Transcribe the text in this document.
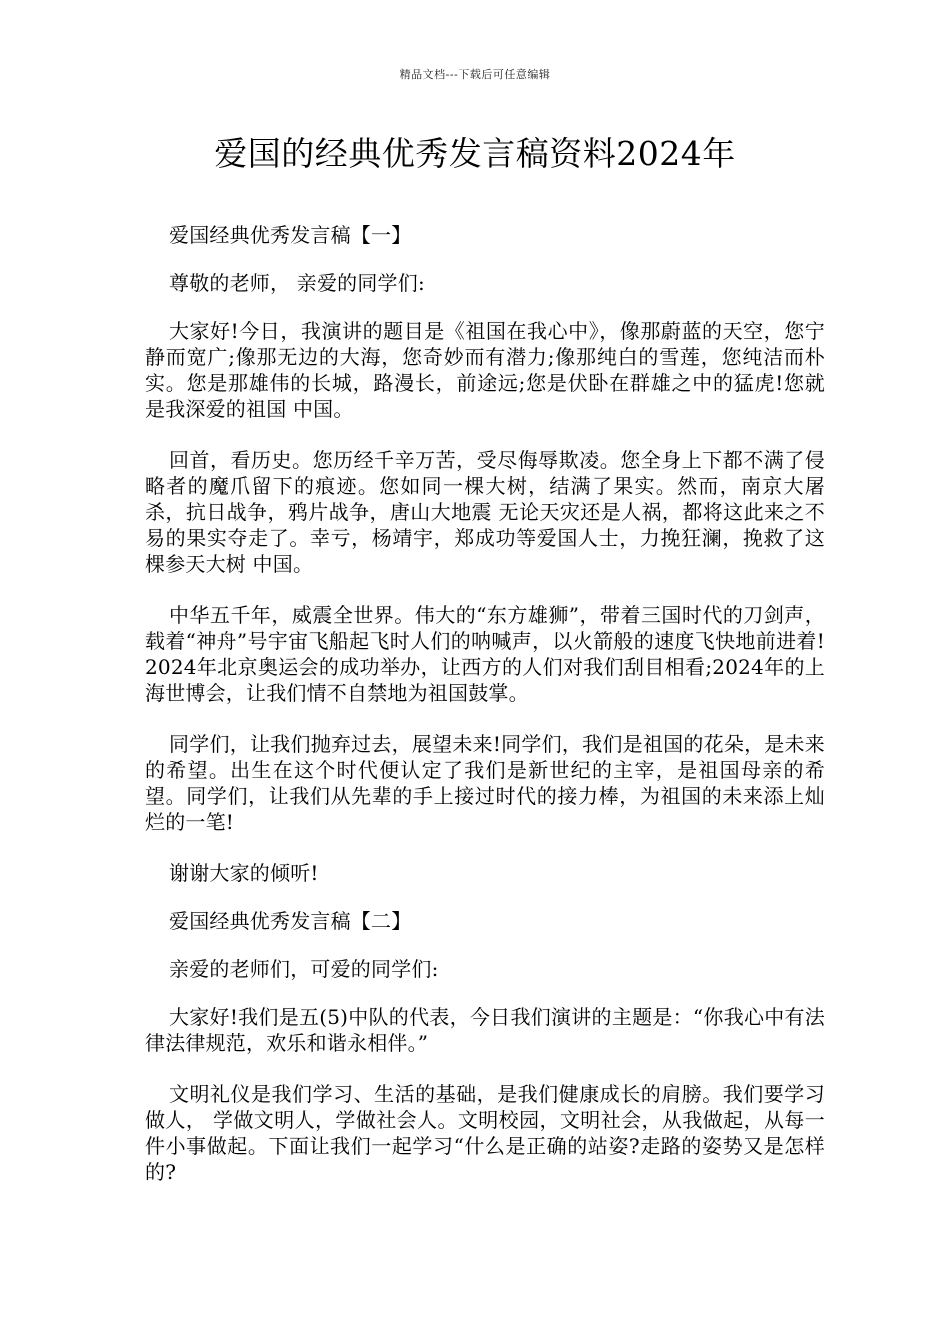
精品文档---下载后可任意编辑
爱国的经典优秀发言稿资料2024年

爱国经典优秀发言稿【一】

尊敬的老师， 亲爱的同学们:

大家好!今日，我演讲的题目是《祖国在我心中》，像那蔚蓝的天空，您宁静而宽广;像那无边的大海，您奇妙而有潜力;像那纯白的雪莲，您纯洁而朴实。您是那雄伟的长城，路漫长，前途远;您是伏卧在群雄之中的猛虎!您就是我深爱的祖国 中国。

回首，看历史。您历经千辛万苦，受尽侮辱欺凌。您全身上下都不满了侵略者的魔爪留下的痕迹。您如同一棵大树，结满了果实。然而，南京大屠杀，抗日战争，鸦片战争，唐山大地震 无论天灾还是人祸，都将这此来之不易的果实夺走了。幸亏，杨靖宇，郑成功等爱国人士，力挽狂澜，挽救了这棵参天大树 中国。

中华五千年，威震全世界。伟大的“东方雄狮”，带着三国时代的刀剑声，载着“神舟”号宇宙飞船起飞时人们的呐喊声，以火箭般的速度飞快地前进着!2024年北京奥运会的成功举办，让西方的人们对我们刮目相看;2024年的上海世博会，让我们情不自禁地为祖国鼓掌。

同学们，让我们抛弃过去，展望未来!同学们，我们是祖国的花朵，是未来的希望。出生在这个时代便认定了我们是新世纪的主宰，是祖国母亲的希望。同学们，让我们从先辈的手上接过时代的接力棒，为祖国的未来添上灿烂的一笔!

谢谢大家的倾听!

爱国经典优秀发言稿【二】

亲爱的老师们，可爱的同学们:

大家好!我们是五(5)中队的代表，今日我们演讲的主题是：“你我心中有法律法律规范，欢乐和谐永相伴。”

文明礼仪是我们学习、生活的基础，是我们健康成长的肩膀。我们要学习做人， 学做文明人，学做社会人。文明校园，文明社会，从我做起，从每一件小事做起。下面让我们一起学习“什么是正确的站姿?走路的姿势又是怎样的?
